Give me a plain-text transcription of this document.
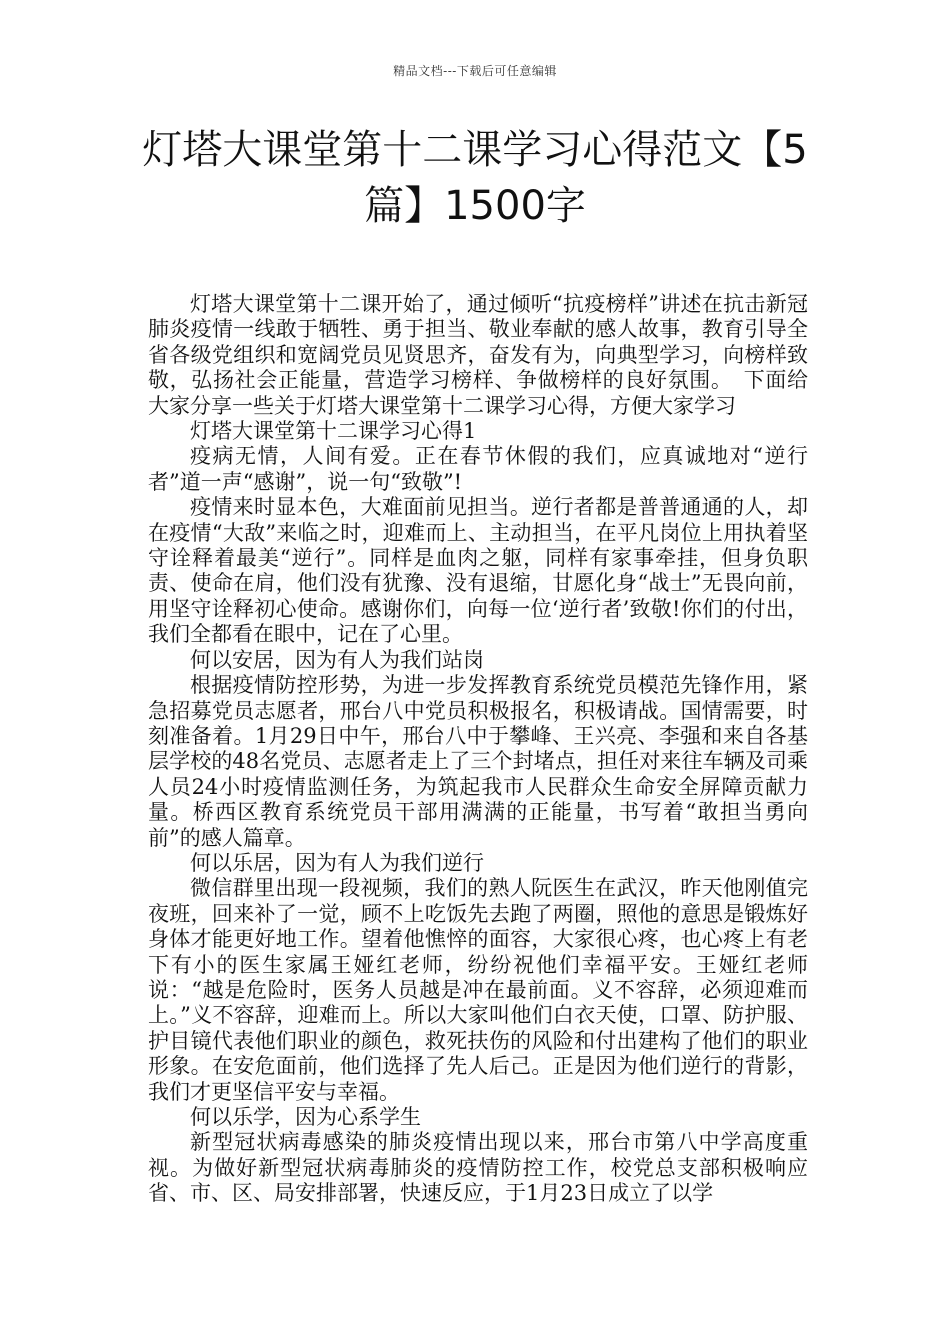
精品文档---下载后可任意编辑
灯塔大课堂第十二课学习心得范文【5篇】1500字

灯塔大课堂第十二课开始了，通过倾听“抗疫榜样”讲述在抗击新冠肺炎疫情一线敢于牺牲、勇于担当、敬业奉献的感人故事，教育引导全省各级党组织和宽阔党员见贤思齐，奋发有为，向典型学习，向榜样致敬，弘扬社会正能量，营造学习榜样、争做榜样的良好氛围。　下面给大家分享一些关于灯塔大课堂第十二课学习心得，方便大家学习

灯塔大课堂第十二课学习心得1

疫病无情，人间有爱。正在春节休假的我们，应真诚地对“逆行者”道一声“感谢”，说一句“致敬”!

疫情来时显本色，大难面前见担当。逆行者都是普普通通的人，却在疫情“大敌”来临之时，迎难而上、主动担当，在平凡岗位上用执着坚守诠释着最美“逆行”。同样是血肉之躯，同样有家事牵挂，但身负职责、使命在肩，他们没有犹豫、没有退缩，甘愿化身“战士”无畏向前，用坚守诠释初心使命。感谢你们，向每一位‘逆行者’致敬!你们的付出，我们全都看在眼中，记在了心里。

何以安居，因为有人为我们站岗

根据疫情防控形势，为进一步发挥教育系统党员模范先锋作用，紧急招募党员志愿者，邢台八中党员积极报名，积极请战。国情需要，时刻准备着。1月29日中午，邢台八中于攀峰、王兴亮、李强和来自各基层学校的48名党员、志愿者走上了三个封堵点，担任对来往车辆及司乘人员24小时疫情监测任务，为筑起我市人民群众生命安全屏障贡献力量。桥西区教育系统党员干部用满满的正能量，书写着“敢担当勇向前”的感人篇章。

何以乐居，因为有人为我们逆行

微信群里出现一段视频，我们的熟人阮医生在武汉，昨天他刚值完夜班，回来补了一觉，顾不上吃饭先去跑了两圈，照他的意思是锻炼好身体才能更好地工作。望着他憔悴的面容，大家很心疼，也心疼上有老下有小的医生家属王娅红老师，纷纷祝他们幸福平安。王娅红老师说：“越是危险时，医务人员越是冲在最前面。义不容辞，必须迎难而上。”义不容辞，迎难而上。所以大家叫他们白衣天使，口罩、防护服、护目镜代表他们职业的颜色，救死扶伤的风险和付出建构了他们的职业形象。在安危面前，他们选择了先人后己。正是因为他们逆行的背影，我们才更坚信平安与幸福。

何以乐学，因为心系学生

新型冠状病毒感染的肺炎疫情出现以来，邢台市第八中学高度重视。为做好新型冠状病毒肺炎的疫情防控工作，校党总支部积极响应省、市、区、局安排部署，快速反应，于1月23日成立了以学
